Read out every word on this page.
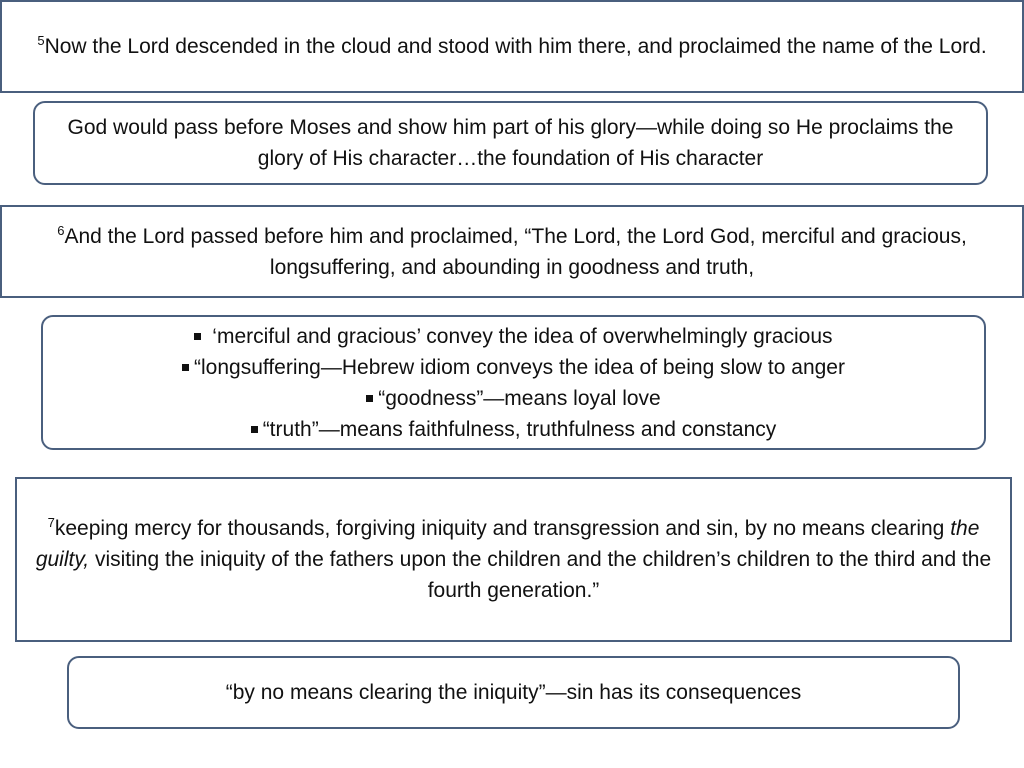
$^5$Now the Lord descended in the cloud and stood with him there, and proclaimed the name of the Lord.
God would pass before Moses and show him part of his glory—while doing so He proclaims the glory of His character…the foundation of His character
$^6$And the Lord passed before him and proclaimed, “The Lord, the Lord God, merciful and gracious, longsuffering, and abounding in goodness and truth,
‘merciful and gracious’ convey the idea of overwhelmingly gracious
“longsuffering—Hebrew idiom conveys the idea of being slow to anger
“goodness”—means loyal love
“truth”—means faithfulness, truthfulness and constancy
$^7$keeping mercy for thousands, forgiving iniquity and transgression and sin, by no means clearing the guilty, visiting the iniquity of the fathers upon the children and the children’s children to the third and the fourth generation.”
“by no means clearing the iniquity”—sin has its consequences
